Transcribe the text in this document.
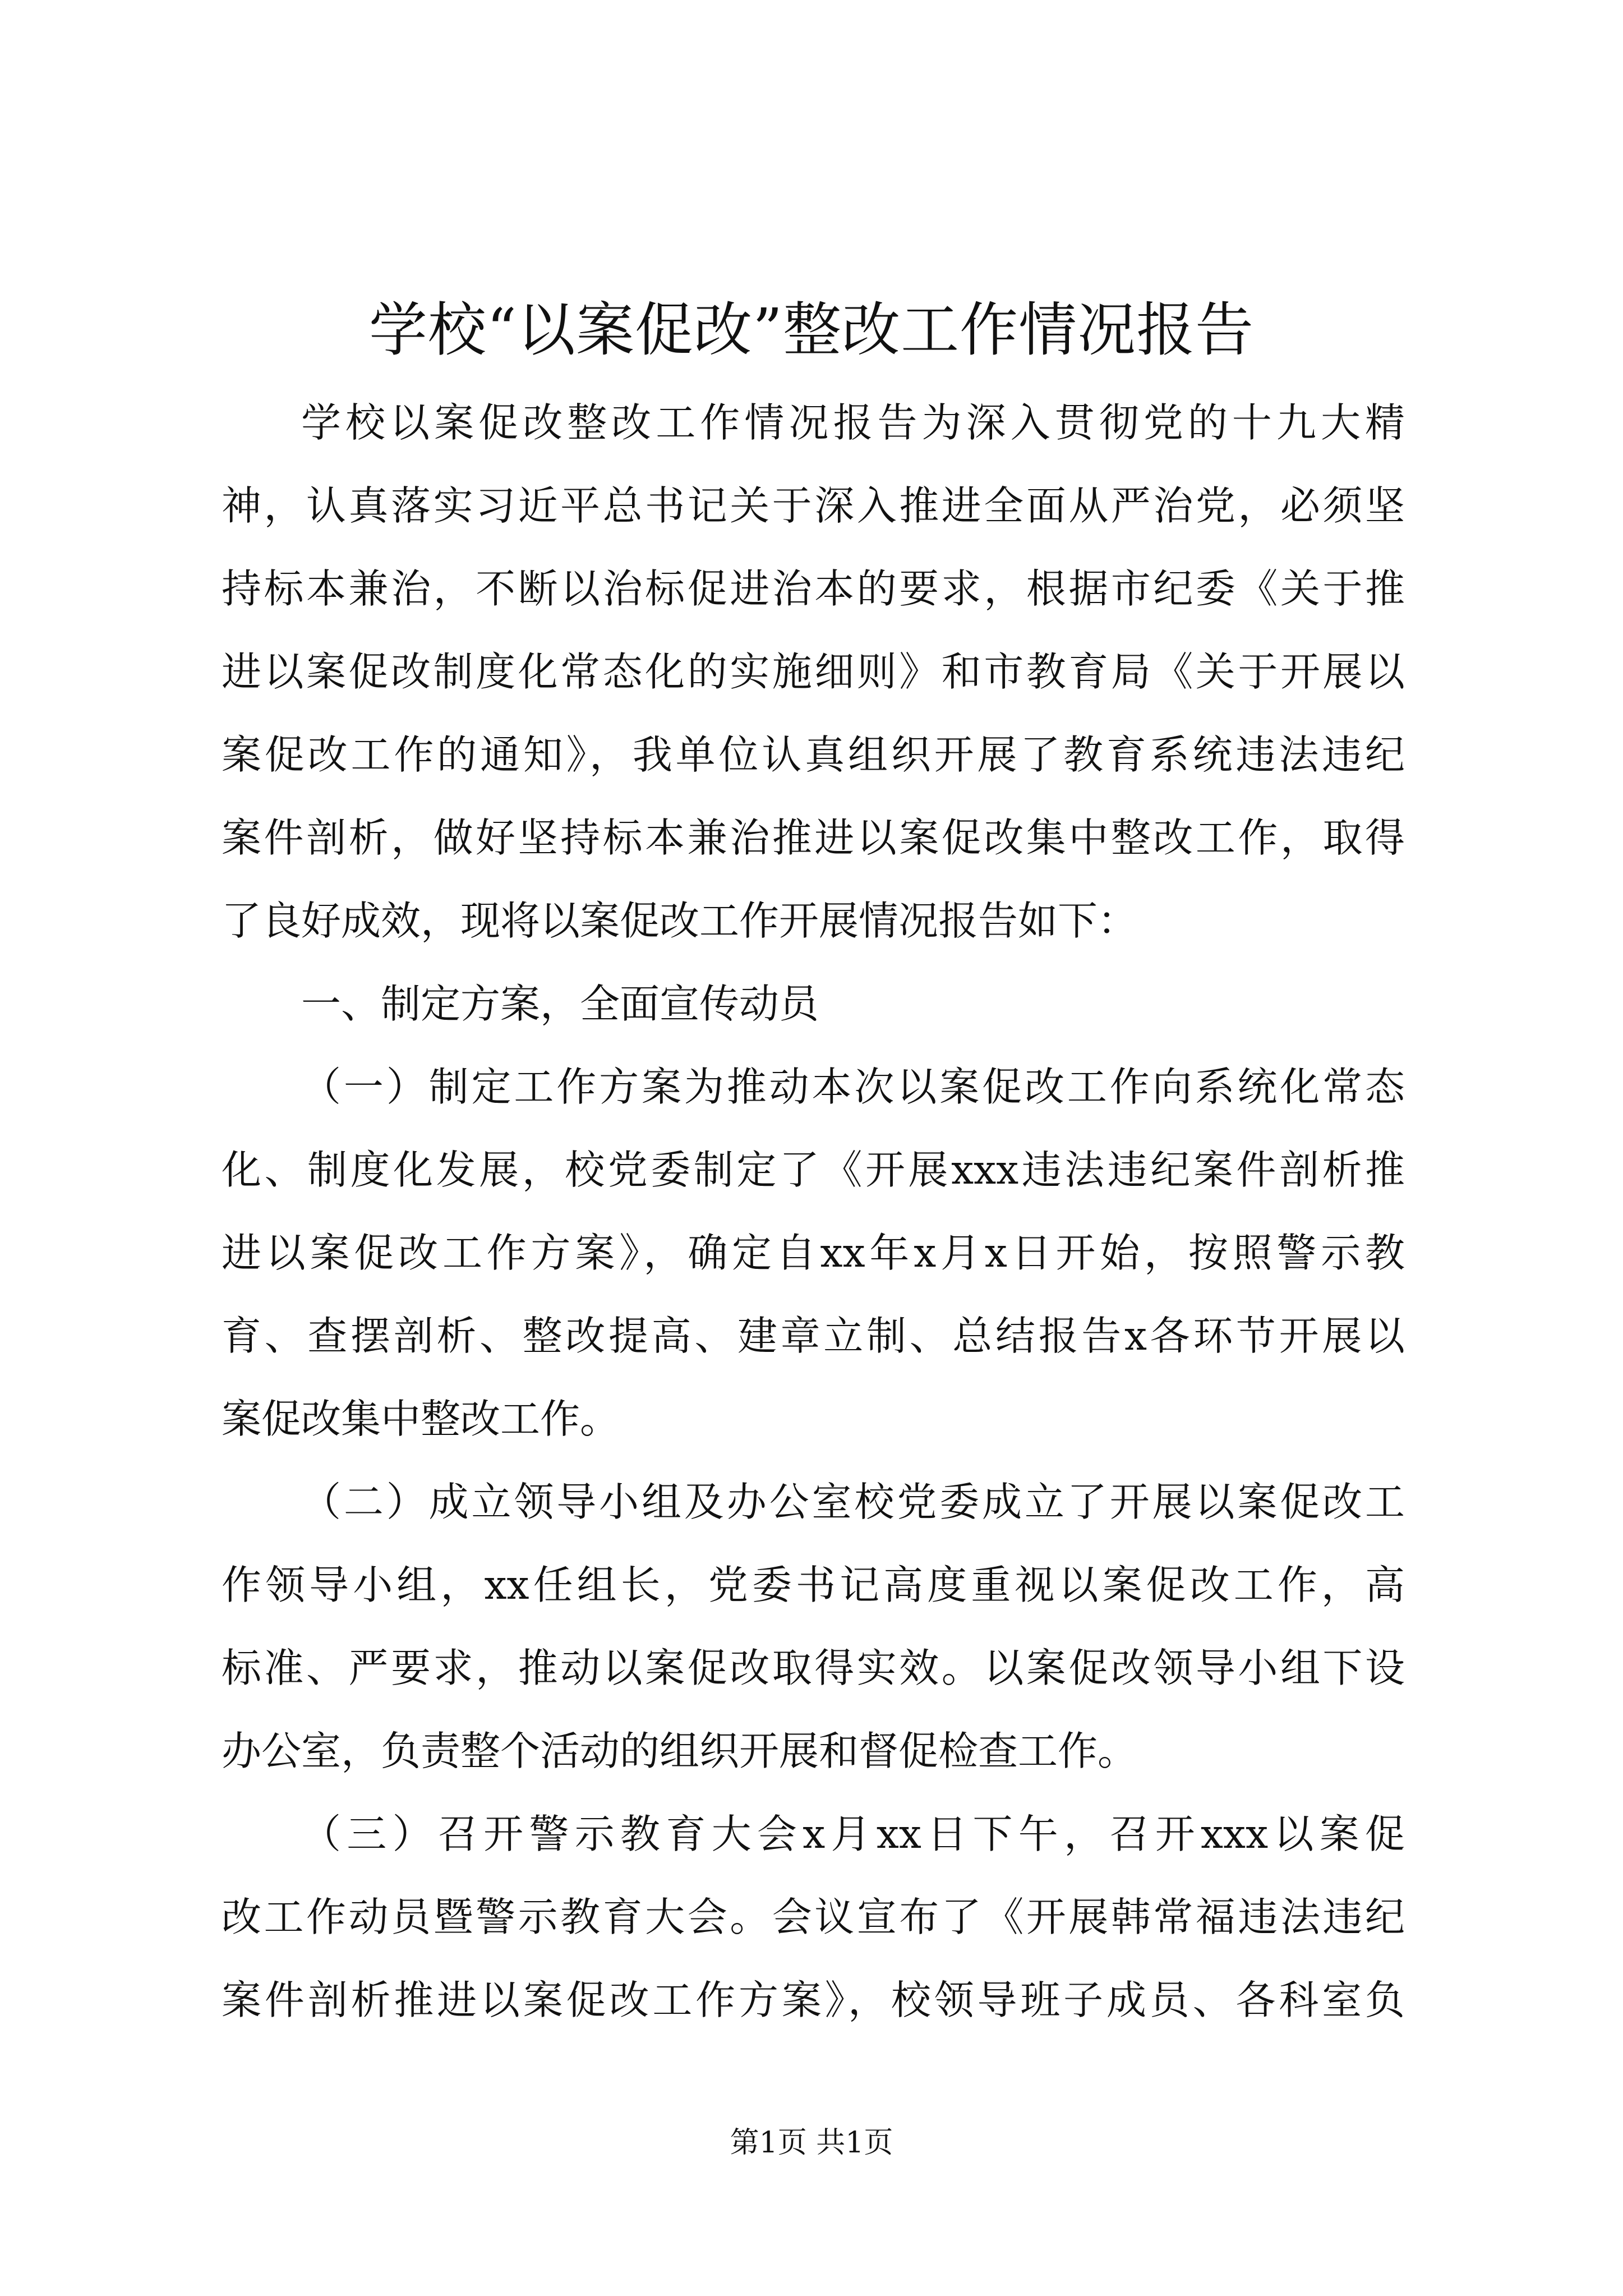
学校“以案促改”整改工作情况报告
学校以案促改整改工作情况报告为深入贯彻党的十九大精
神，认真落实习近平总书记关于深入推进全面从严治党，必须坚
持标本兼治，不断以治标促进治本的要求，根据市纪委《关于推
进以案促改制度化常态化的实施细则》和市教育局《关于开展以
案促改工作的通知》，我单位认真组织开展了教育系统违法违纪
案件剖析，做好坚持标本兼治推进以案促改集中整改工作，取得
了良好成效，现将以案促改工作开展情况报告如下：
一、制定方案，全面宣传动员
（一）制定工作方案为推动本次以案促改工作向系统化常态
化、制度化发展，校党委制定了《开展xxx违法违纪案件剖析推
进以案促改工作方案》，确定自xx年x月x日开始，按照警示教
育、查摆剖析、整改提高、建章立制、总结报告x各环节开展以
案促改集中整改工作。
（二）成立领导小组及办公室校党委成立了开展以案促改工
作领导小组，xx任组长，党委书记高度重视以案促改工作，高
标准、严要求，推动以案促改取得实效。以案促改领导小组下设
办公室，负责整个活动的组织开展和督促检查工作。
（三）召开警示教育大会x月xx日下午，召开xxx以案促
改工作动员暨警示教育大会。会议宣布了《开展韩常福违法违纪
案件剖析推进以案促改工作方案》，校领导班子成员、各科室负
第1页 共1页
